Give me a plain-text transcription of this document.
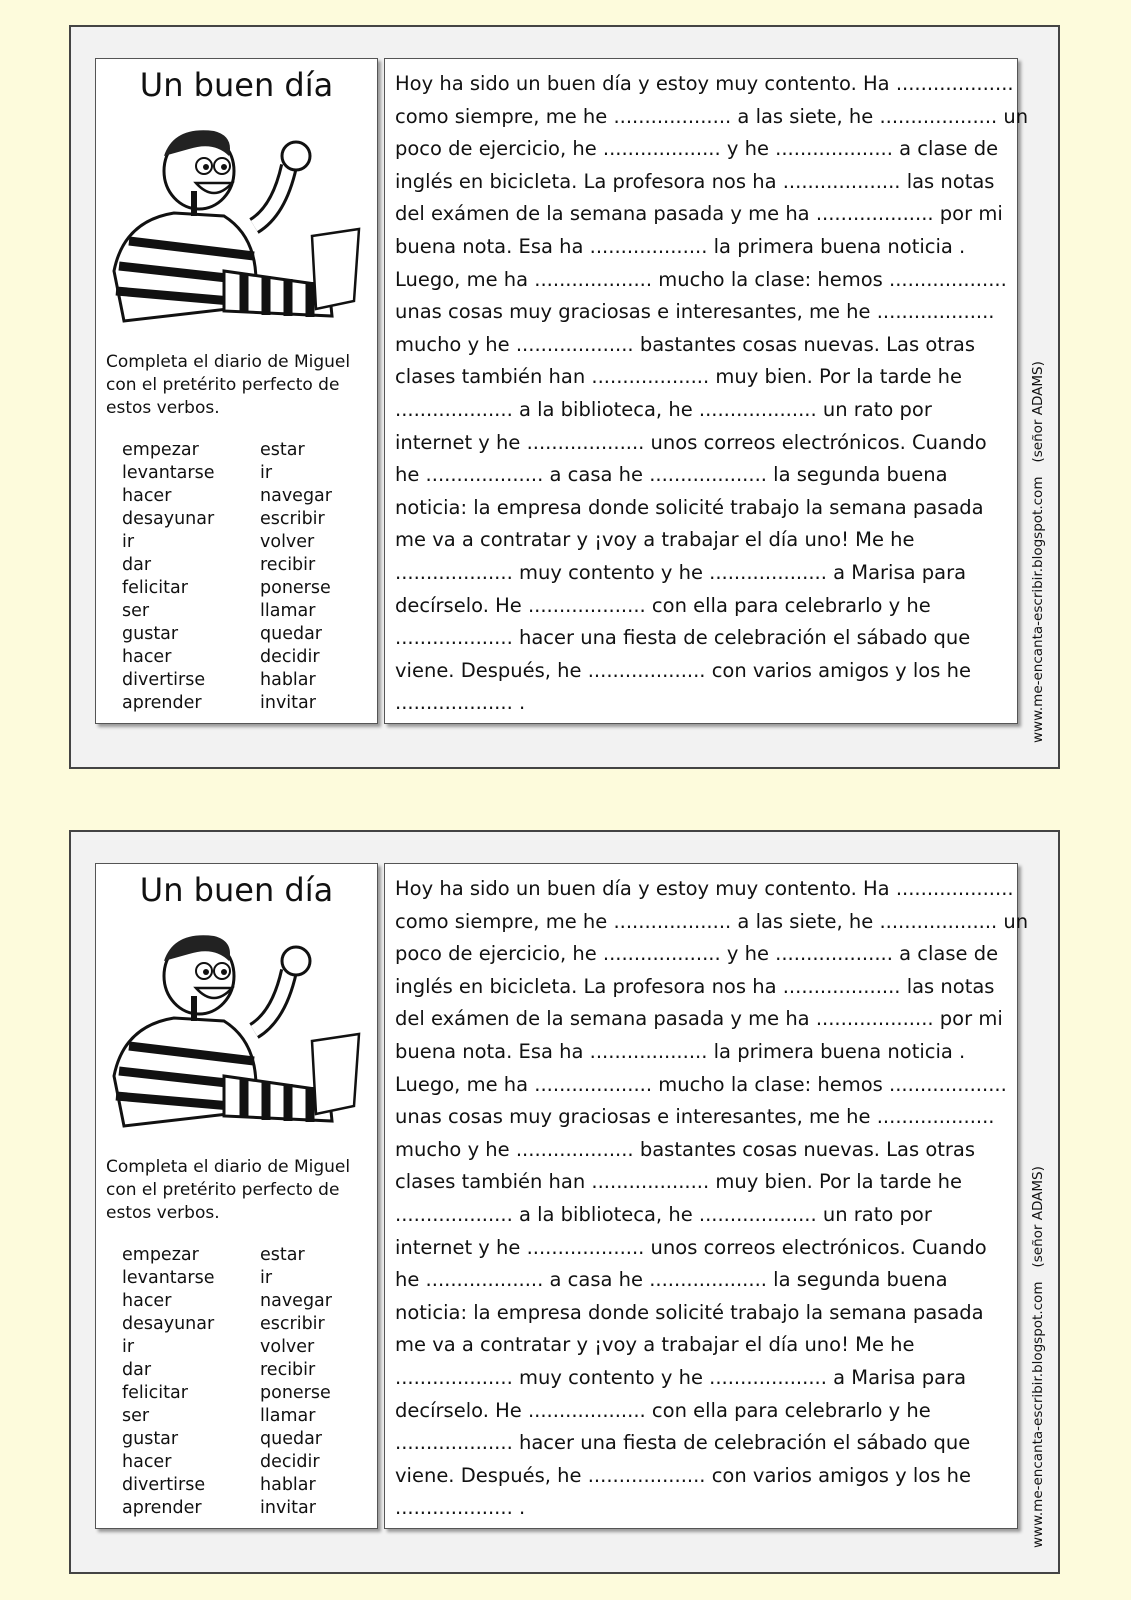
Un buen día
Completa el diario de Miguel con el pretérito perfecto de estos verbos.
empezar
levantarse
hacer
desayunar
ir
dar
felicitar
ser
gustar
hacer
divertirse
aprender
estar
ir
navegar
escribir
volver
recibir
ponerse
llamar
quedar
decidir
hablar
invitar
Hoy ha sido un buen día y estoy muy contento. Ha ...................
como siempre, me he ................... a las siete, he ................... un
poco de ejercicio, he ................... y he ................... a clase de
inglés en bicicleta. La profesora nos ha ................... las notas
del exámen de la semana pasada y me ha ................... por mi
buena nota. Esa ha ................... la primera buena noticia .
Luego, me ha ................... mucho la clase: hemos ...................
unas cosas muy graciosas e interesantes, me he ...................
mucho y he ................... bastantes cosas nuevas. Las otras
clases también han ................... muy bien. Por la tarde he
................... a la biblioteca, he ................... un rato por
internet y he ................... unos correos electrónicos. Cuando
he ................... a casa he ................... la segunda buena
noticia: la empresa donde solicité trabajo la semana pasada
me va a contratar y ¡voy a trabajar el día uno! Me he
................... muy contento y he ................... a Marisa para
decírselo. He ................... con ella para celebrarlo y he
................... hacer una fiesta de celebración el sábado que
viene. Después, he ................... con varios amigos y los he
................... .	www.me-encanta-escribir.blogspot.com(señor ADAMS)
Un buen día
Completa el diario de Miguel con el pretérito perfecto de estos verbos.
empezar
levantarse
hacer
desayunar
ir
dar
felicitar
ser
gustar
hacer
divertirse
aprender
estar
ir
navegar
escribir
volver
recibir
ponerse
llamar
quedar
decidir
hablar
invitar
Hoy ha sido un buen día y estoy muy contento. Ha ...................
como siempre, me he ................... a las siete, he ................... un
poco de ejercicio, he ................... y he ................... a clase de
inglés en bicicleta. La profesora nos ha ................... las notas
del exámen de la semana pasada y me ha ................... por mi
buena nota. Esa ha ................... la primera buena noticia .
Luego, me ha ................... mucho la clase: hemos ...................
unas cosas muy graciosas e interesantes, me he ...................
mucho y he ................... bastantes cosas nuevas. Las otras
clases también han ................... muy bien. Por la tarde he
................... a la biblioteca, he ................... un rato por
internet y he ................... unos correos electrónicos. Cuando
he ................... a casa he ................... la segunda buena
noticia: la empresa donde solicité trabajo la semana pasada
me va a contratar y ¡voy a trabajar el día uno! Me he
................... muy contento y he ................... a Marisa para
decírselo. He ................... con ella para celebrarlo y he
................... hacer una fiesta de celebración el sábado que
viene. Después, he ................... con varios amigos y los he
................... .	www.me-encanta-escribir.blogspot.com(señor ADAMS)
